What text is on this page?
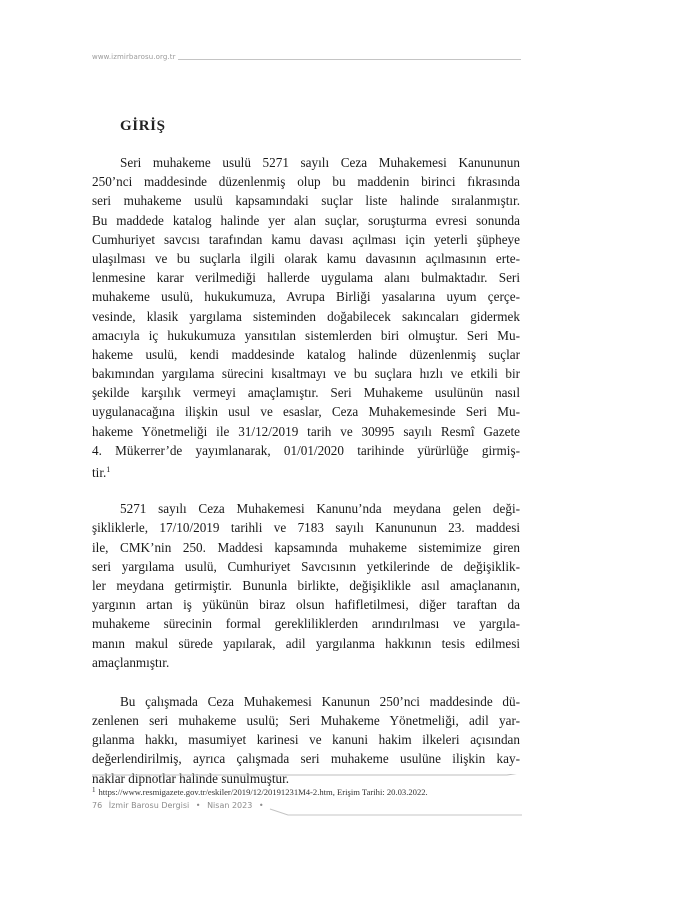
www.izmirbarosu.org.tr
GİRİŞ

Seri muhakeme usulü 5271 sayılı Ceza Muhakemesi Kanununun

250’nci maddesinde düzenlenmiş olup bu maddenin birinci fıkrasında

seri muhakeme usulü kapsamındaki suçlar liste halinde sıralanmıştır.

Bu maddede katalog halinde yer alan suçlar, soruşturma evresi sonunda

Cumhuriyet savcısı tarafından kamu davası açılması için yeterli şüpheye

ulaşılması ve bu suçlarla ilgili olarak kamu davasının açılmasının erte-

lenmesine karar verilmediği hallerde uygulama alanı bulmaktadır. Seri

muhakeme usulü, hukukumuza, Avrupa Birliği yasalarına uyum çerçe-

vesinde, klasik yargılama sisteminden doğabilecek sakıncaları gidermek

amacıyla iç hukukumuza yansıtılan sistemlerden biri olmuştur. Seri Mu-

hakeme usulü, kendi maddesinde katalog halinde düzenlenmiş suçlar

bakımından yargılama sürecini kısaltmayı ve bu suçlara hızlı ve etkili bir

şekilde karşılık vermeyi amaçlamıştır. Seri Muhakeme usulünün nasıl

uygulanacağına ilişkin usul ve esaslar, Ceza Muhakemesinde Seri Mu-

hakeme Yönetmeliği ile 31/12/2019 tarih ve 30995 sayılı Resmî Gazete

4. Mükerrer’de yayımlanarak, 01/01/2020 tarihinde yürürlüğe girmiş-

tir.$^1$

5271 sayılı Ceza Muhakemesi Kanunu’nda meydana gelen deği-

şikliklerle, 17/10/2019 tarihli ve 7183 sayılı Kanununun 23. maddesi

ile, CMK’nin 250. Maddesi kapsamında muhakeme sistemimize giren

seri yargılama usulü, Cumhuriyet Savcısının yetkilerinde de değişiklik-

ler meydana getirmiştir. Bununla birlikte, değişiklikle asıl amaçlananın,

yargının artan iş yükünün biraz olsun hafifletilmesi, diğer taraftan da

muhakeme sürecinin formal gerekliliklerden arındırılması ve yargıla-

manın makul sürede yapılarak, adil yargılanma hakkının tesis edilmesi

amaçlanmıştır.

Bu çalışmada Ceza Muhakemesi Kanunun 250’nci maddesinde dü-

zenlenen seri muhakeme usulü; Seri Muhakeme Yönetmeliği, adil yar-

gılanma hakkı, masumiyet karinesi ve kanuni hakim ilkeleri açısından

değerlendirilmiş, ayrıca çalışmada seri muhakeme usulüne ilişkin kay-

naklar dipnotlar halinde sunulmuştur.

$^1$ https://www.resmigazete.gov.tr/eskiler/2019/12/20191231M4-2.htm, Erişim Tarihi: 20.03.2022.
76 İzmir Barosu Dergisi • Nisan 2023 •
